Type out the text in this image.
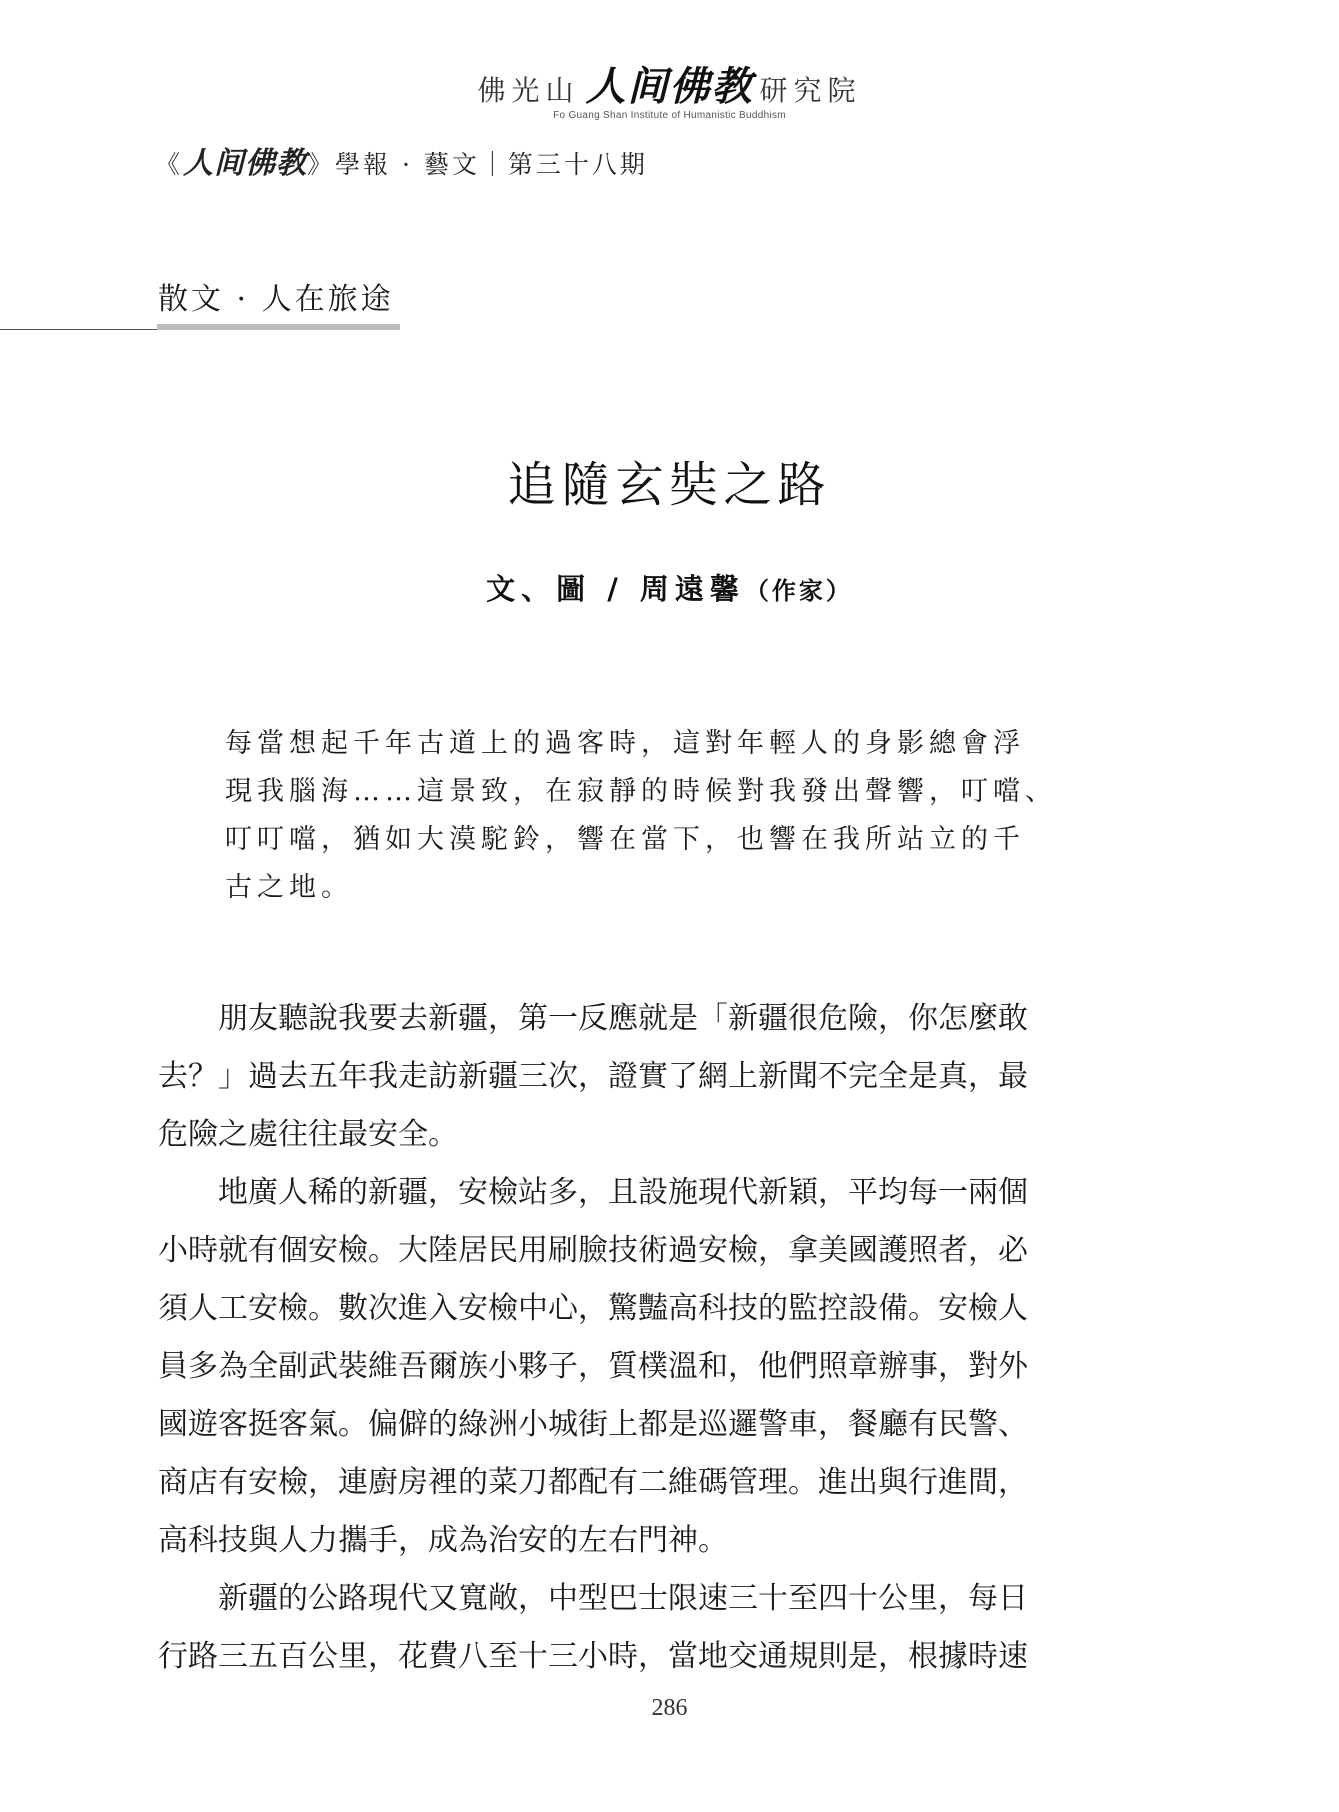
佛光山 人间佛教 研究院
Fo Guang Shan Institute of Humanistic Buddhism
《人间佛教》學報 · 藝文｜第三十八期
散文 · 人在旅途
追隨玄奘之路
文、圖 / 周遠馨（作家）
每當想起千年古道上的過客時，這對年輕人的身影總會浮
現我腦海……這景致，在寂靜的時候對我發出聲響，叮噹、
叮叮噹，猶如大漠駝鈴，響在當下，也響在我所站立的千
古之地。
　　朋友聽說我要去新疆，第一反應就是「新疆很危險，你怎麼敢
去？」過去五年我走訪新疆三次，證實了網上新聞不完全是真，最
危險之處往往最安全。
　　地廣人稀的新疆，安檢站多，且設施現代新穎，平均每一兩個
小時就有個安檢。大陸居民用刷臉技術過安檢，拿美國護照者，必
須人工安檢。數次進入安檢中心，驚豔高科技的監控設備。安檢人
員多為全副武裝維吾爾族小夥子，質樸溫和，他們照章辦事，對外
國遊客挺客氣。偏僻的綠洲小城街上都是巡邏警車，餐廳有民警、
商店有安檢，連廚房裡的菜刀都配有二維碼管理。進出與行進間，
高科技與人力攜手，成為治安的左右門神。
　　新疆的公路現代又寬敞，中型巴士限速三十至四十公里，每日
行路三五百公里，花費八至十三小時，當地交通規則是，根據時速
286
